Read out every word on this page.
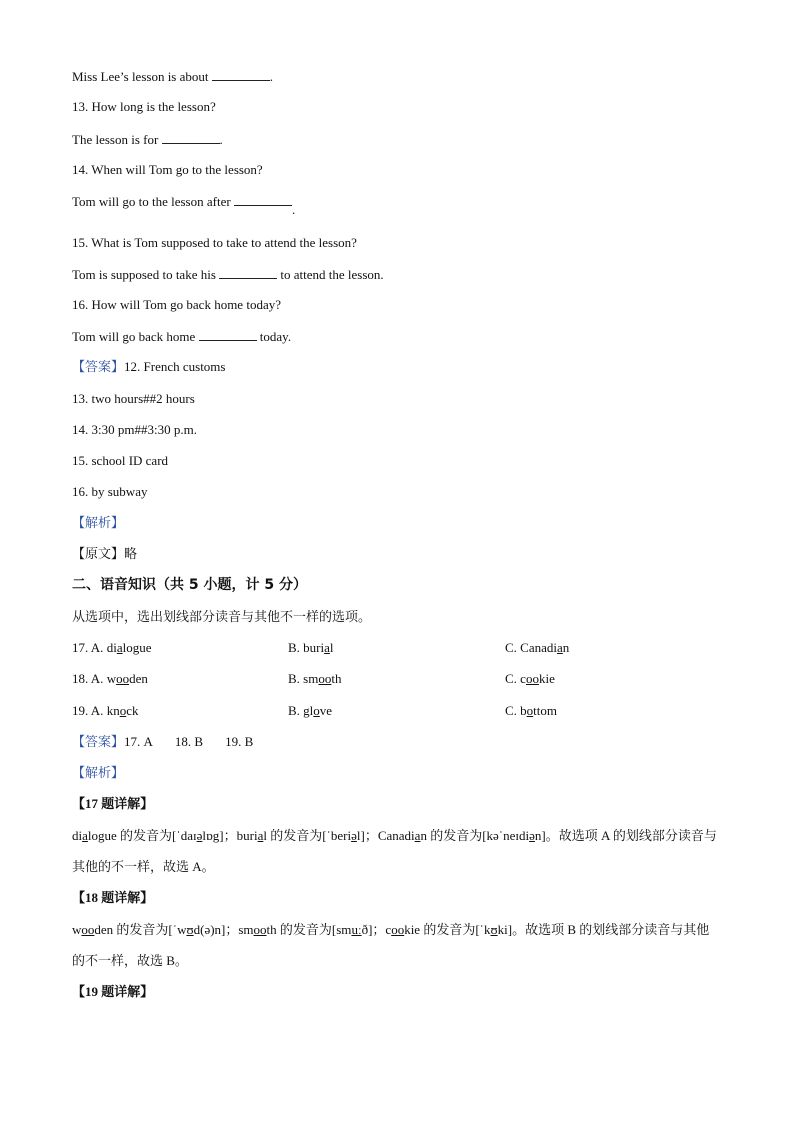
Miss Lee’s lesson is about	.
13. How long is the lesson?
The lesson is for	.
14. When will Tom go to the lesson?
Tom will go to the lesson after .
15. What is Tom supposed to take to attend the lesson?
Tom is supposed to take his	to attend the lesson.
16. How will Tom go back home today?
Tom will go back home	today.
【答案】12. French customs
13. two hours##2 hours
14. 3:30 pm##3:30 p.m.
15. school ID card
16. by subway
【解析】
【原文】略
二、语音知识（共 5 小题，计 5 分）
从选项中，选出划线部分读音与其他不一样的选项。
17. A. dialogue	B. burial	C. Canadian
18. A. wooden	B. smooth	C. cookie
19. A. knock	B. glove	C. bottom
【答案】17. A 18. B 19. B
【解析】
【17 题详解】
dialogue 的发音为[ˈdaɪəlɒg]；burial 的发音为[ˈberiəl]；Canadian 的发音为[kəˈneɪdiən]。故选项 A 的划线部分读音与其他的不一样，故选 A。
【18 题详解】
wooden 的发音为[ˈwʊd(ə)n]；smooth 的发音为[smuːð]；cookie 的发音为[ˈkʊki]。故选项 B 的划线部分读音与其他的不一样，故选 B。
【19 题详解】
